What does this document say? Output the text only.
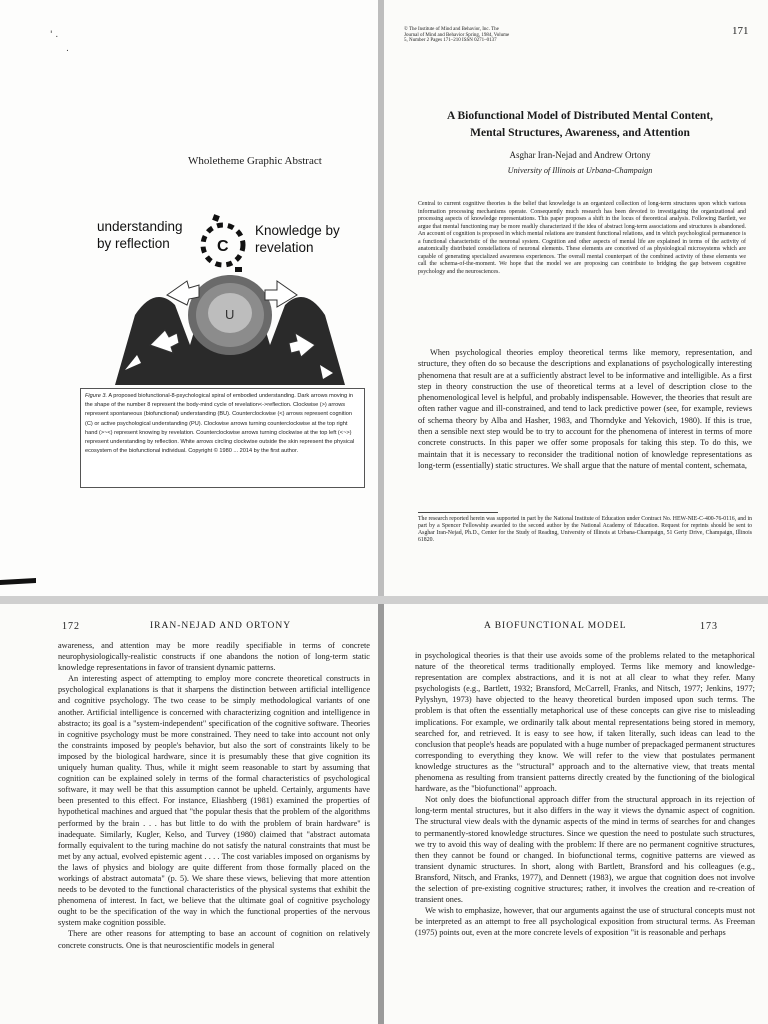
' .
.
Wholetheme Graphic Abstract
C
U
understanding by reflection
Knowledge by revelation
Figure 3. A proposed biofunctional-8-psychological spiral of embodied understanding. Dark arrows moving in the shape of the number 8 represent the body-mind cycle of revelation<->reflection. Clockwise (>) arrows represent spontaneous (biofunctional) understanding (BU). Counterclockwise (<) arrows represent cognition (C) or active psychological understanding (PU). Clockwise arrows turning counterclockwise at the top right hand (>~<) represent knowing by revelation. Counterclockwise arrows turning clockwise at the top left (<~>) represent understanding by reflection. White arrows circling clockwise outside the skin represent the physical ecosystem of the biofunctional individual. Copyright © 1980 ... 2014 by the first author.
© The Institute of Mind and Behavior, Inc. The Journal of Mind and Behavior Spring, 1984, Volume 5, Number 2 Pages 171–210 ISSN 0271–0137
171
A Biofunctional Model of Distributed Mental Content,
Mental Structures, Awareness, and Attention
Asghar Iran-Nejad and Andrew Ortony
University of Illinois at Urbana-Champaign
Central to current cognitive theories is the belief that knowledge is an organized collection of long-term structures upon which various information processing mechanisms operate. Consequently much research has been devoted to investigating the organizational and processing aspects of knowledge representations. This paper proposes a shift in the locus of theoretical analysis. Following Bartlett, we argue that mental functioning may be more readily characterized if the idea of abstract long-term associations and structures is abandoned. An account of cognition is proposed in which mental relations are transient functional relations, and in which psychological permanence is a functional characteristic of the neuronal system. Cognition and other aspects of mental life are explained in terms of the activity of anatomically distributed constellations of neuronal elements. These elements are conceived of as physiological microsystems which are capable of generating specialized awareness experiences. The overall mental counterpart of the combined activity of these elements we call the schema-of-the-moment. We hope that the model we are proposing can contribute to bridging the gap between cognitive psychology and the neurosciences.
When psychological theories employ theoretical terms like memory, representation, and structure, they often do so because the descriptions and explanations of psychologically interesting phenomena that result are at a sufficiently abstract level to be informative and intelligible. As a first step in theory construction the use of theoretical terms at a level of description close to the phenomenological level is helpful, and probably indispensable. However, the theories that result are often rather vague and ill-constrained, and tend to lack predictive power (see, for example, reviews of schema theory by Alba and Hasher, 1983, and Thorndyke and Yekovich, 1980). If this is true, then a sensible next step would be to try to account for the phenomena of interest in terms of more concrete constructs. In this paper we offer some proposals for taking this step. To do this, we maintain that it is necessary to reconsider the traditional notion of knowledge representations as long-term (essentially) static structures. We shall argue that the nature of mental content, schemata,
The research reported herein was supported in part by the National Institute of Education under Contract No. HEW-NIE-C-400-76-0116, and in part by a Spencer Fellowship awarded to the second author by the National Academy of Education. Request for reprints should be sent to Asghar Iran-Nejad, Ph.D., Center for the Study of Reading, University of Illinois at Urbana-Champaign, 51 Gerty Drive, Champaign, Illinois 61820.
172	IRAN-NEJAD AND ORTONY

awareness, and attention may be more readily specifiable in terms of concrete neurophysiologically-realistic constructs if one abandons the notion of long-term static knowledge representations in favor of transient dynamic patterns.

An interesting aspect of attempting to employ more concrete theoretical constructs in psychological explanations is that it sharpens the distinction between artificial intelligence and cognitive psychology. The two cease to be simply methodological variants of one another. Artificial intelligence is concerned with characterizing cognition and intelligence in abstracto; its goal is a "system-independent" specification of the cognitive software. Theories in cognitive psychology must be more constrained. They need to take into account not only the constraints imposed by people's behavior, but also the sort of constraints likely to be imposed by the biological hardware, since it is presumably these that give cognition its uniquely human quality. Thus, while it might seem reasonable to start by assuming that cognition can be explained solely in terms of the formal characteristics of psychological software, it may well be that this assumption cannot be upheld. Certainly, arguments have been presented to this effect. For instance, Eliashberg (1981) examined the properties of hypothetical machines and argued that "the popular thesis that the problem of the algorithms performed by the brain . . . has but little to do with the problem of brain hardware" is inadequate. Similarly, Kugler, Kelso, and Turvey (1980) claimed that "abstract automata formally equivalent to the turing machine do not satisfy the natural constraints that must be met by any actual, evolved epistemic agent . . . . The cost variables imposed on organisms by the laws of physics and biology are quite different from those formally placed on the workings of abstract automata" (p. 5). We share these views, believing that more attention needs to be devoted to the functional characteristics of the physical systems that exhibit the phenomena of interest. In fact, we believe that the ultimate goal of cognitive psychology ought to be the specification of the way in which the functional properties of the nervous system make cognition possible.

There are other reasons for attempting to base an account of cognition on relatively concrete constructs. One is that neuroscientific models in general

A BIOFUNCTIONAL MODEL	173

in psychological theories is that their use avoids some of the problems related to the metaphorical nature of the theoretical terms traditionally employed. Terms like memory and knowledge-representation are complex abstractions, and it is not at all clear to what they refer. Many psychologists (e.g., Bartlett, 1932; Bransford, McCarrell, Franks, and Nitsch, 1977; Jenkins, 1977; Pylyshyn, 1973) have objected to the heavy theoretical burden imposed upon such terms. The problem is that often the essentially metaphorical use of these concepts can give rise to misleading implications. For example, we ordinarily talk about mental representations being stored in memory, searched for, and retrieved. It is easy to see how, if taken literally, such ideas can lead to the conclusion that people's heads are populated with a huge number of prepackaged permanent structures corresponding to everything they know. We will refer to the view that postulates permanent knowledge structures as the "structural" approach and to the alternative view, that treats mental phenomena as resulting from transient patterns directly created by the functioning of the biological hardware, as the "biofunctional" approach.

Not only does the biofunctional approach differ from the structural approach in its rejection of long-term mental structures, but it also differs in the way it views the dynamic aspect of cognition. The structural view deals with the dynamic aspects of the mind in terms of searches for and changes to permanently-stored knowledge structures. Since we question the need to postulate such structures, we try to avoid this way of dealing with the problem: If there are no permanent cognitive structures, then they cannot be found or changed. In biofunctional terms, cognitive patterns are viewed as transient dynamic structures. In short, along with Bartlett, Bransford and his colleagues (e.g., Bransford, Nitsch, and Franks, 1977), and Dennett (1983), we argue that cognition does not involve the selection of pre-existing cognitive structures; rather, it involves the creation and re-creation of transient ones.

We wish to emphasize, however, that our arguments against the use of structural concepts must not be interpreted as an attempt to free all psychological exposition from structural terms. As Freeman (1975) points out, even at the more concrete levels of exposition "it is reasonable and perhaps
